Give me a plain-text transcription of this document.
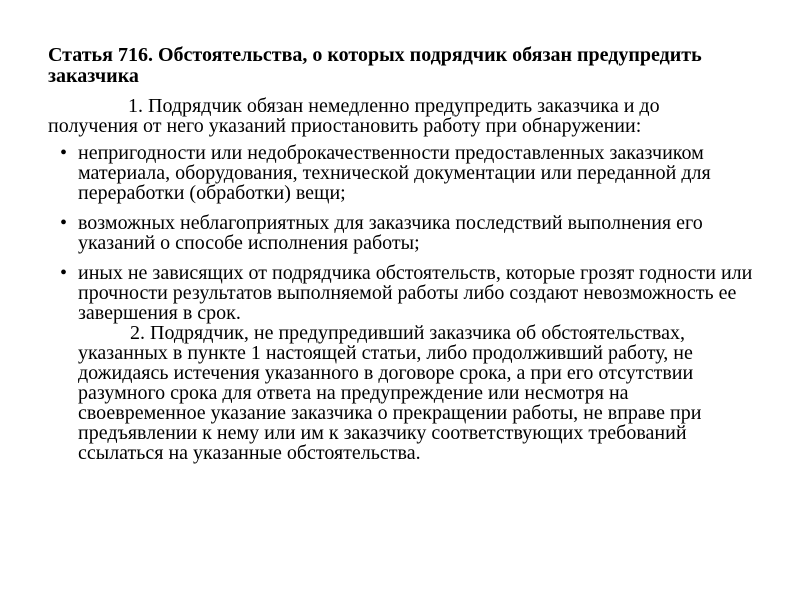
Статья 716. Обстоятельства, о которых подрядчик обязан предупредить заказчика

1. Подрядчик обязан немедленно предупредить заказчика и до получения от него указаний приостановить работу при обнаружении:

• непригодности или недоброкачественности предоставленных заказчиком материала, оборудования, технической документации или переданной для переработки (обработки) вещи;
• возможных неблагоприятных для заказчика последствий выполнения его указаний о способе исполнения работы;
• иных не зависящих от подрядчика обстоятельств, которые грозят годности или прочности результатов выполняемой работы либо создают невозможность ее завершения в срок.
2. Подрядчик, не предупредивший заказчика об обстоятельствах, указанных в пункте 1 настоящей статьи, либо продолживший работу, не дожидаясь истечения указанного в договоре срока, а при его отсутствии разумного срока для ответа на предупреждение или несмотря на своевременное указание заказчика о прекращении работы, не вправе при предъявлении к нему или им к заказчику соответствующих требований ссылаться на указанные обстоятельства.
